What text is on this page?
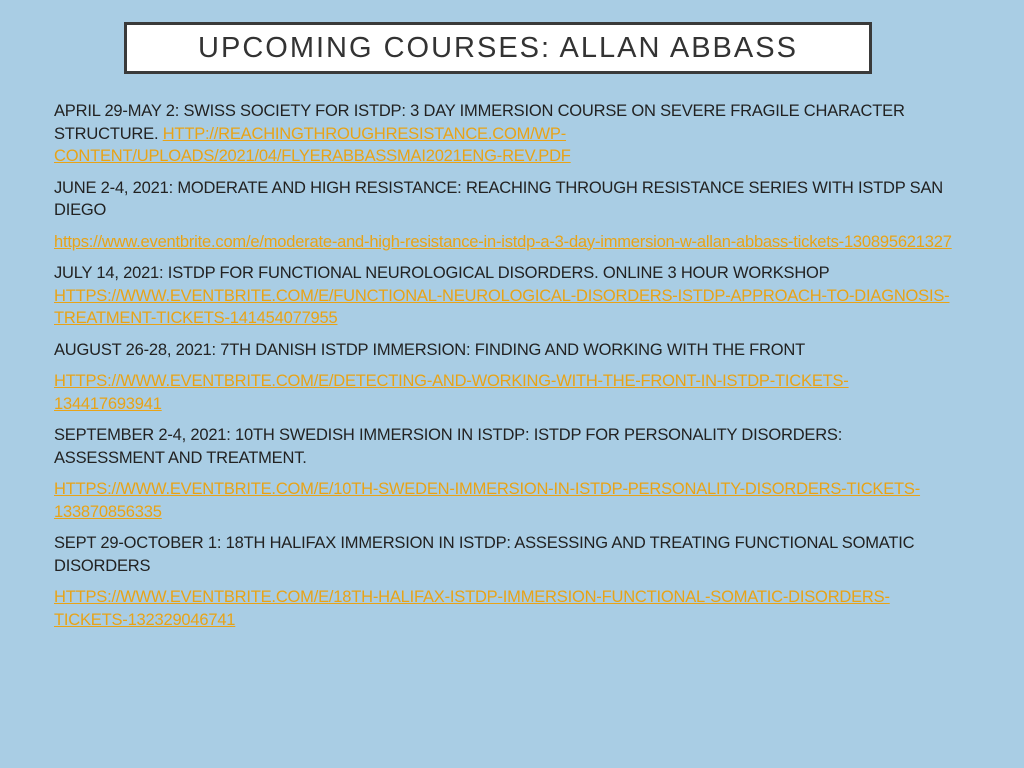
UPCOMING COURSES: ALLAN ABBASS

APRIL 29-MAY 2: SWISS SOCIETY FOR ISTDP: 3 DAY IMMERSION COURSE ON SEVERE FRAGILE CHARACTER STRUCTURE. HTTP://REACHINGTHROUGHRESISTANCE.COM/WP-CONTENT/UPLOADS/2021/04/FLYERABBASSMAI2021ENG-REV.PDF

JUNE 2-4, 2021: MODERATE AND HIGH RESISTANCE: REACHING THROUGH RESISTANCE SERIES WITH ISTDP SAN DIEGO

https://www.eventbrite.com/e/moderate-and-high-resistance-in-istdp-a-3-day-immersion-w-allan-abbass-tickets-130895621327

JULY 14, 2021: ISTDP FOR FUNCTIONAL NEUROLOGICAL DISORDERS. ONLINE 3 HOUR WORKSHOP HTTPS://WWW.EVENTBRITE.COM/E/FUNCTIONAL-NEUROLOGICAL-DISORDERS-ISTDP-APPROACH-TO-DIAGNOSIS-TREATMENT-TICKETS-141454077955

AUGUST 26-28, 2021: 7TH DANISH ISTDP IMMERSION: FINDING AND WORKING WITH THE FRONT

HTTPS://WWW.EVENTBRITE.COM/E/DETECTING-AND-WORKING-WITH-THE-FRONT-IN-ISTDP-TICKETS-134417693941

SEPTEMBER 2-4, 2021: 10TH SWEDISH IMMERSION IN ISTDP: ISTDP FOR PERSONALITY DISORDERS: ASSESSMENT AND TREATMENT.

HTTPS://WWW.EVENTBRITE.COM/E/10TH-SWEDEN-IMMERSION-IN-ISTDP-PERSONALITY-DISORDERS-TICKETS-133870856335

SEPT 29-OCTOBER 1: 18TH HALIFAX IMMERSION IN ISTDP: ASSESSING AND TREATING FUNCTIONAL SOMATIC DISORDERS

HTTPS://WWW.EVENTBRITE.COM/E/18TH-HALIFAX-ISTDP-IMMERSION-FUNCTIONAL-SOMATIC-DISORDERS-TICKETS-132329046741
